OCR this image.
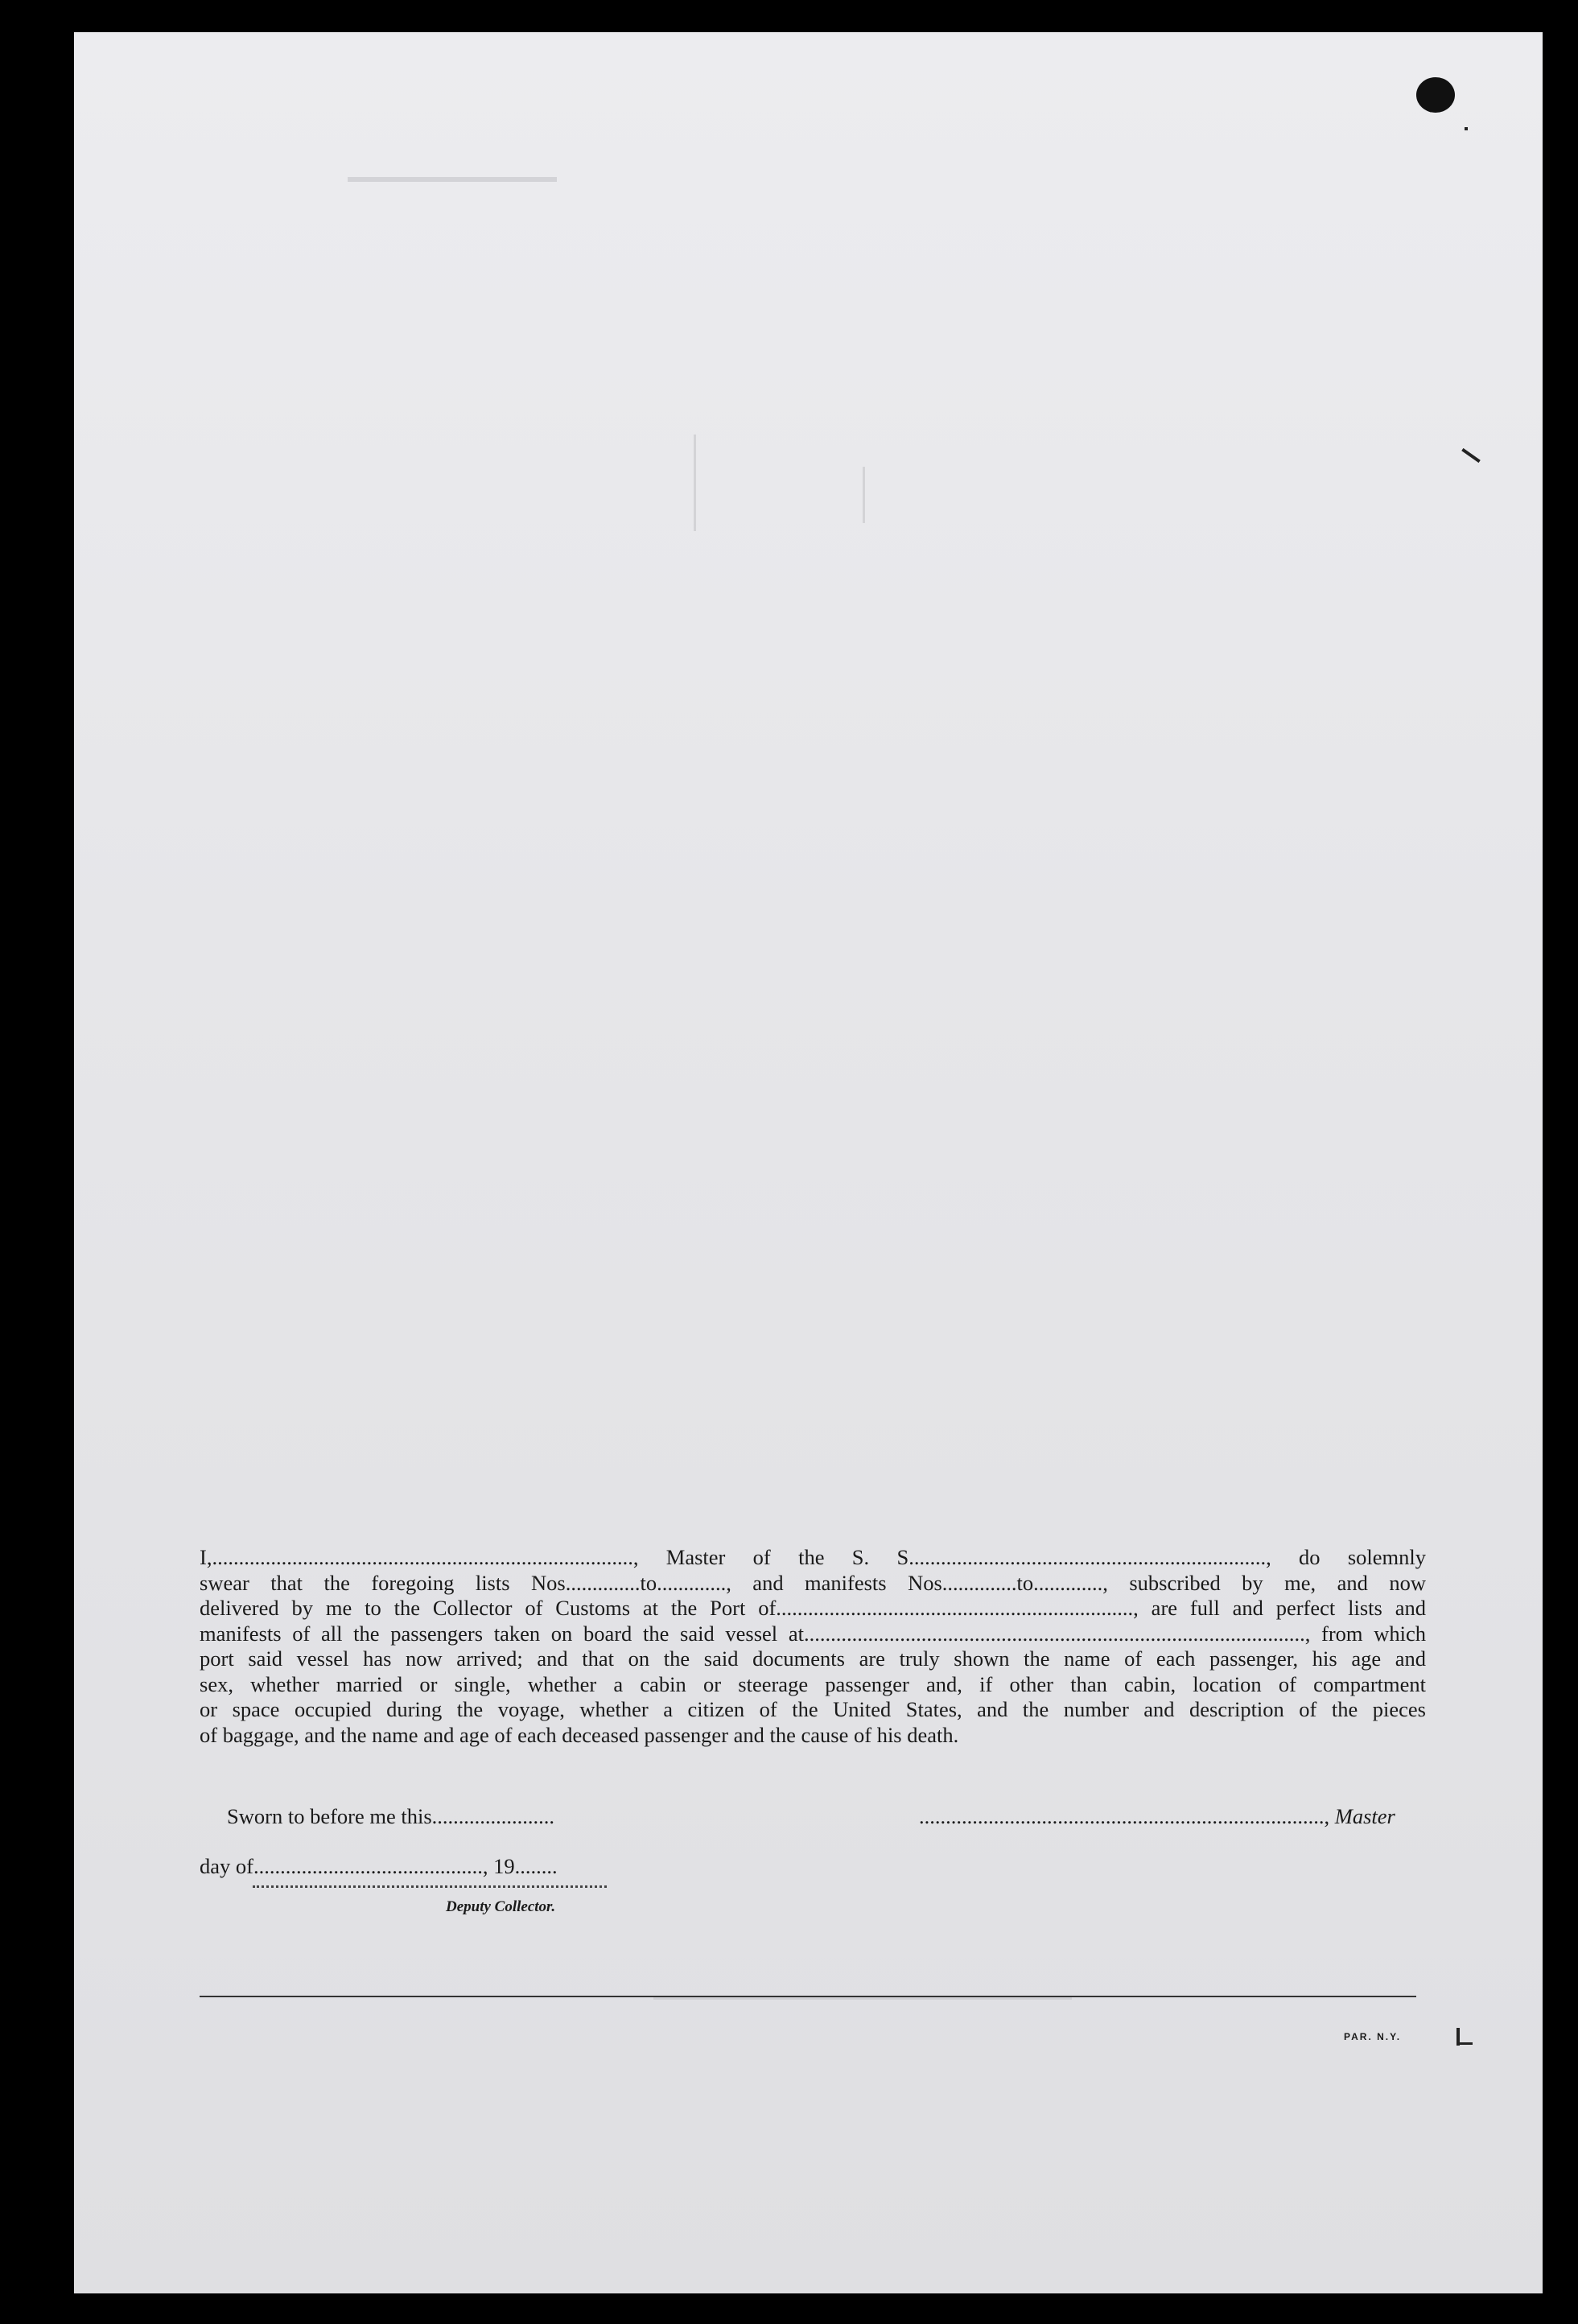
I,..............................................................................., Master of the S. S..................................................................., do solemnly
swear that the foregoing lists Nos..............to............., and manifests Nos..............to............., subscribed by me, and now
delivered by me to the Collector of Customs at the Port of..................................................................., are full and perfect lists and
manifests of all the passengers taken on board the said vessel at.............................................................................................., from which
port said vessel has now arrived; and that on the said documents are truly shown the name of each passenger, his age and
sex, whether married or single, whether a cabin or steerage passenger and, if other than cabin, location of compartment
or space occupied during the voyage, whether a citizen of the United States, and the number and description of the pieces
of baggage, and the name and age of each deceased passenger and the cause of his death.
Sworn to before me this.......................	............................................................................, Master
day of..........................................., 19........
Deputy Collector.
PAR. N.Y.
